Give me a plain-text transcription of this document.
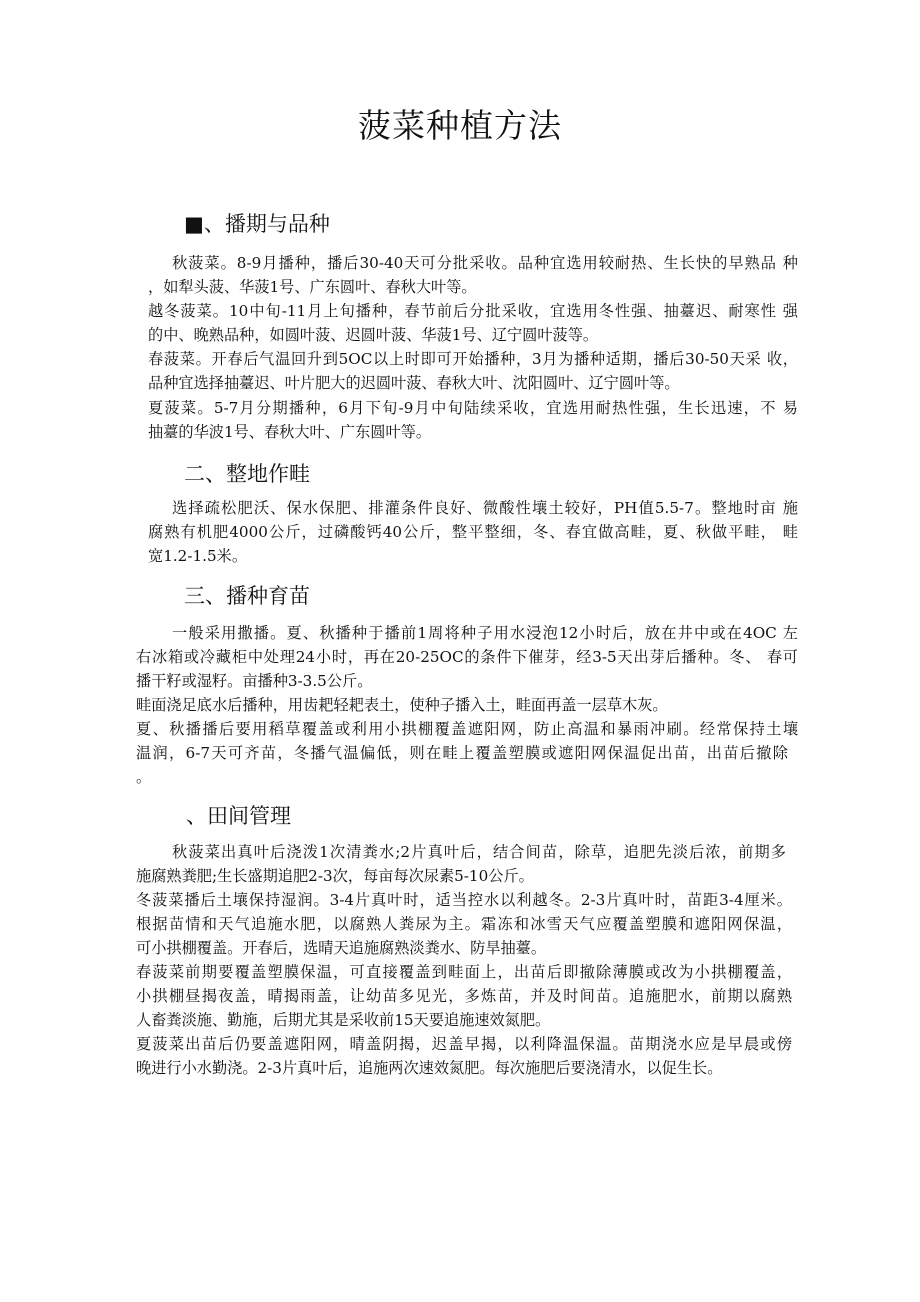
菠菜种植方法
■、播期与品种
秋菠菜。8-9月播种，播后30-40天可分批采收。品种宜选用较耐热、生长快的早熟品 种
，如犁头菠、华菠1号、广东圆叶、春秋大叶等。
越冬菠菜。10中旬-11月上旬播种，春节前后分批采收，宜选用冬性强、抽薹迟、耐寒性 强
的中、晚熟品种，如圆叶菠、迟圆叶菠、华菠1号、辽宁圆叶菠等。
春菠菜。开春后气温回升到5OC以上时即可开始播种，3月为播种适期，播后30-50天采 收，
品种宜选择抽薹迟、叶片肥大的迟圆叶菠、春秋大叶、沈阳圆叶、辽宁圆叶等。
夏菠菜。5-7月分期播种，6月下旬-9月中旬陆续采收，宜选用耐热性强，生长迅速，不 易
抽薹的华波1号、春秋大叶、广东圆叶等。
二、整地作畦
选择疏松肥沃、保水保肥、排灌条件良好、微酸性壤土较好，PH值5.5-7。整地时亩 施
腐熟有机肥4000公斤，过磷酸钙40公斤，整平整细，冬、春宜做高畦，夏、秋做平畦， 畦
宽1.2-1.5米。
三、播种育苗
一般采用撒播。夏、秋播种于播前1周将种子用水浸泡12小时后，放在井中或在4OC 左
右冰箱或冷藏柜中处理24小时，再在20-25OC的条件下催芽，经3-5天出芽后播种。冬、 春可
播干籽或湿籽。亩播种3-3.5公斤。
畦面浇足底水后播种，用齿耙轻耙表土，使种子播入土，畦面再盖一层草木灰。
夏、秋播播后要用稻草覆盖或利用小拱棚覆盖遮阳网，防止高温和暴雨冲刷。经常保持土壤
温润，6-7天可齐苗，冬播气温偏低，则在畦上覆盖塑膜或遮阳网保温促出苗，出苗后撤除
。
、田间管理
秋菠菜出真叶后浇泼1次清粪水;2片真叶后，结合间苗，除草，追肥先淡后浓，前期多
施腐熟粪肥;生长盛期追肥2-3次，每亩每次尿素5-10公斤。
冬菠菜播后土壤保持湿润。3-4片真叶时，适当控水以利越冬。2-3片真叶时，苗距3-4厘米。
根据苗情和天气追施水肥，以腐熟人粪尿为主。霜冻和冰雪天气应覆盖塑膜和遮阳网保温，
可小拱棚覆盖。开春后，选晴天追施腐熟淡粪水、防旱抽薹。
春菠菜前期要覆盖塑膜保温，可直接覆盖到畦面上，出苗后即撤除薄膜或改为小拱棚覆盖，
小拱棚昼揭夜盖，晴揭雨盖，让幼苗多见光，多炼苗，并及时间苗。追施肥水，前期以腐熟
人畜粪淡施、勤施，后期尤其是采收前15天要追施速效氮肥。
夏菠菜出苗后仍要盖遮阳网，晴盖阴揭，迟盖早揭，以利降温保温。苗期浇水应是早晨或傍
晚进行小水勤浇。2-3片真叶后，追施两次速效氮肥。每次施肥后要浇清水，以促生长。
